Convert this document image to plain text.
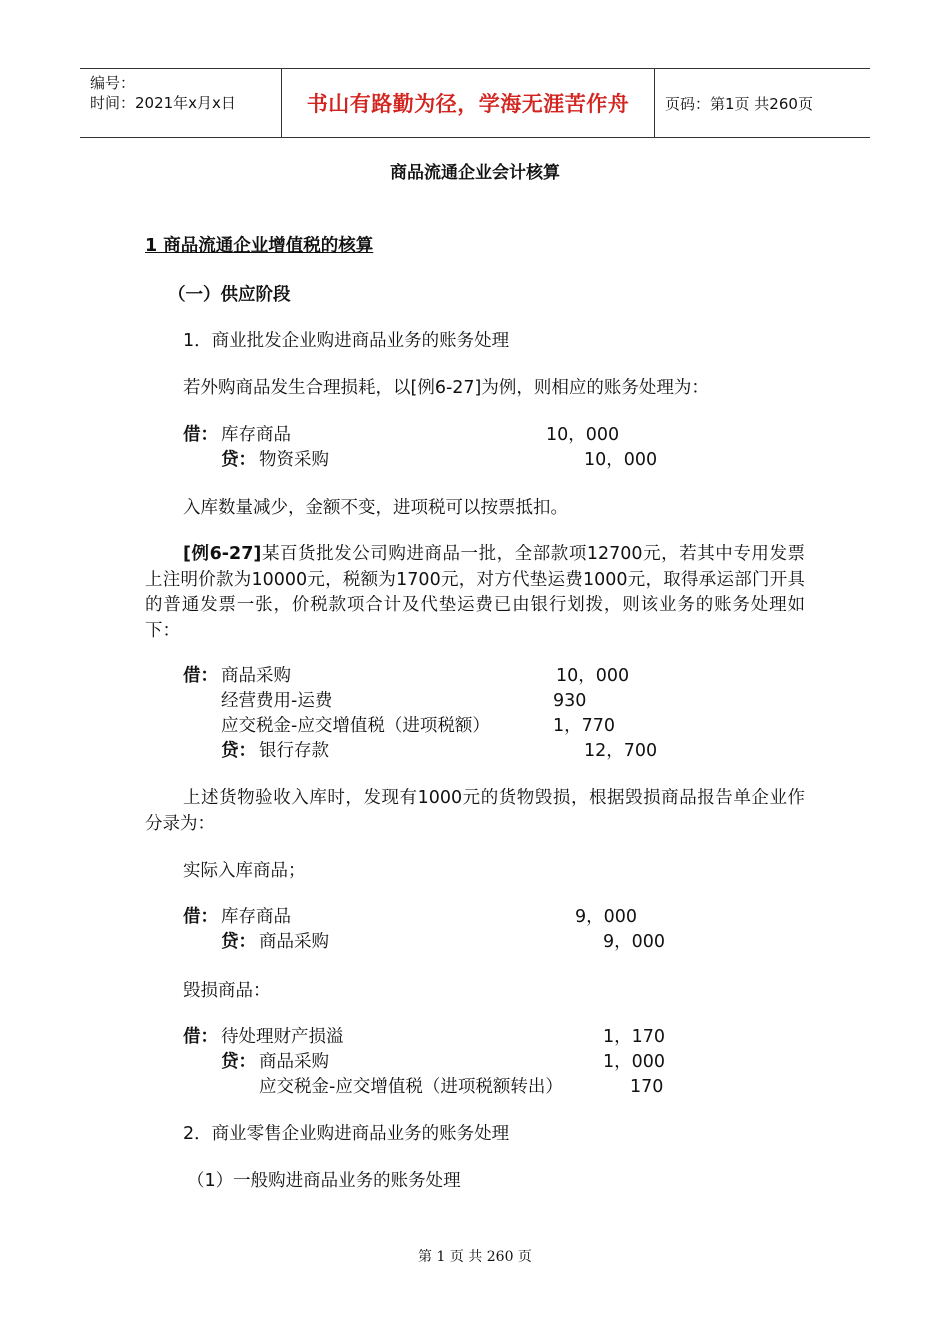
编号：
时间：2021年x月x日	书山有路勤为径，学海无涯苦作舟	页码：第1页 共260页
商品流通企业会计核算
1 商品流通企业增值税的核算
（一）供应阶段
1．商业批发企业购进商品业务的账务处理
若外购商品发生合理损耗，以[例6-27]为例，则相应的账务处理为：
借： 库存商品	10，000
贷： 物资采购	10，000
入库数量减少，金额不变，进项税可以按票抵扣。
[例6-27]某百货批发公司购进商品一批，全部款项12700元，若其中专用发票上注明价款为10000元，税额为1700元，对方代垫运费1000元，取得承运部门开具的普通发票一张，价税款项合计及代垫运费已由银行划拨，则该业务的账务处理如下：
借： 商品采购	10，000
经营费用-运费	930
应交税金-应交增值税（进项税额）	1，770
贷： 银行存款	12，700
上述货物验收入库时，发现有1000元的货物毁损，根据毁损商品报告单企业作分录为：
实际入库商品；
借： 库存商品	9，000
贷： 商品采购	9，000
毁损商品：
借： 待处理财产损溢	1，170
贷： 商品采购	1，000
应交税金-应交增值税（进项税额转出）	170
2．商业零售企业购进商品业务的账务处理
（1）一般购进商品业务的账务处理
第 1 页 共 260 页
